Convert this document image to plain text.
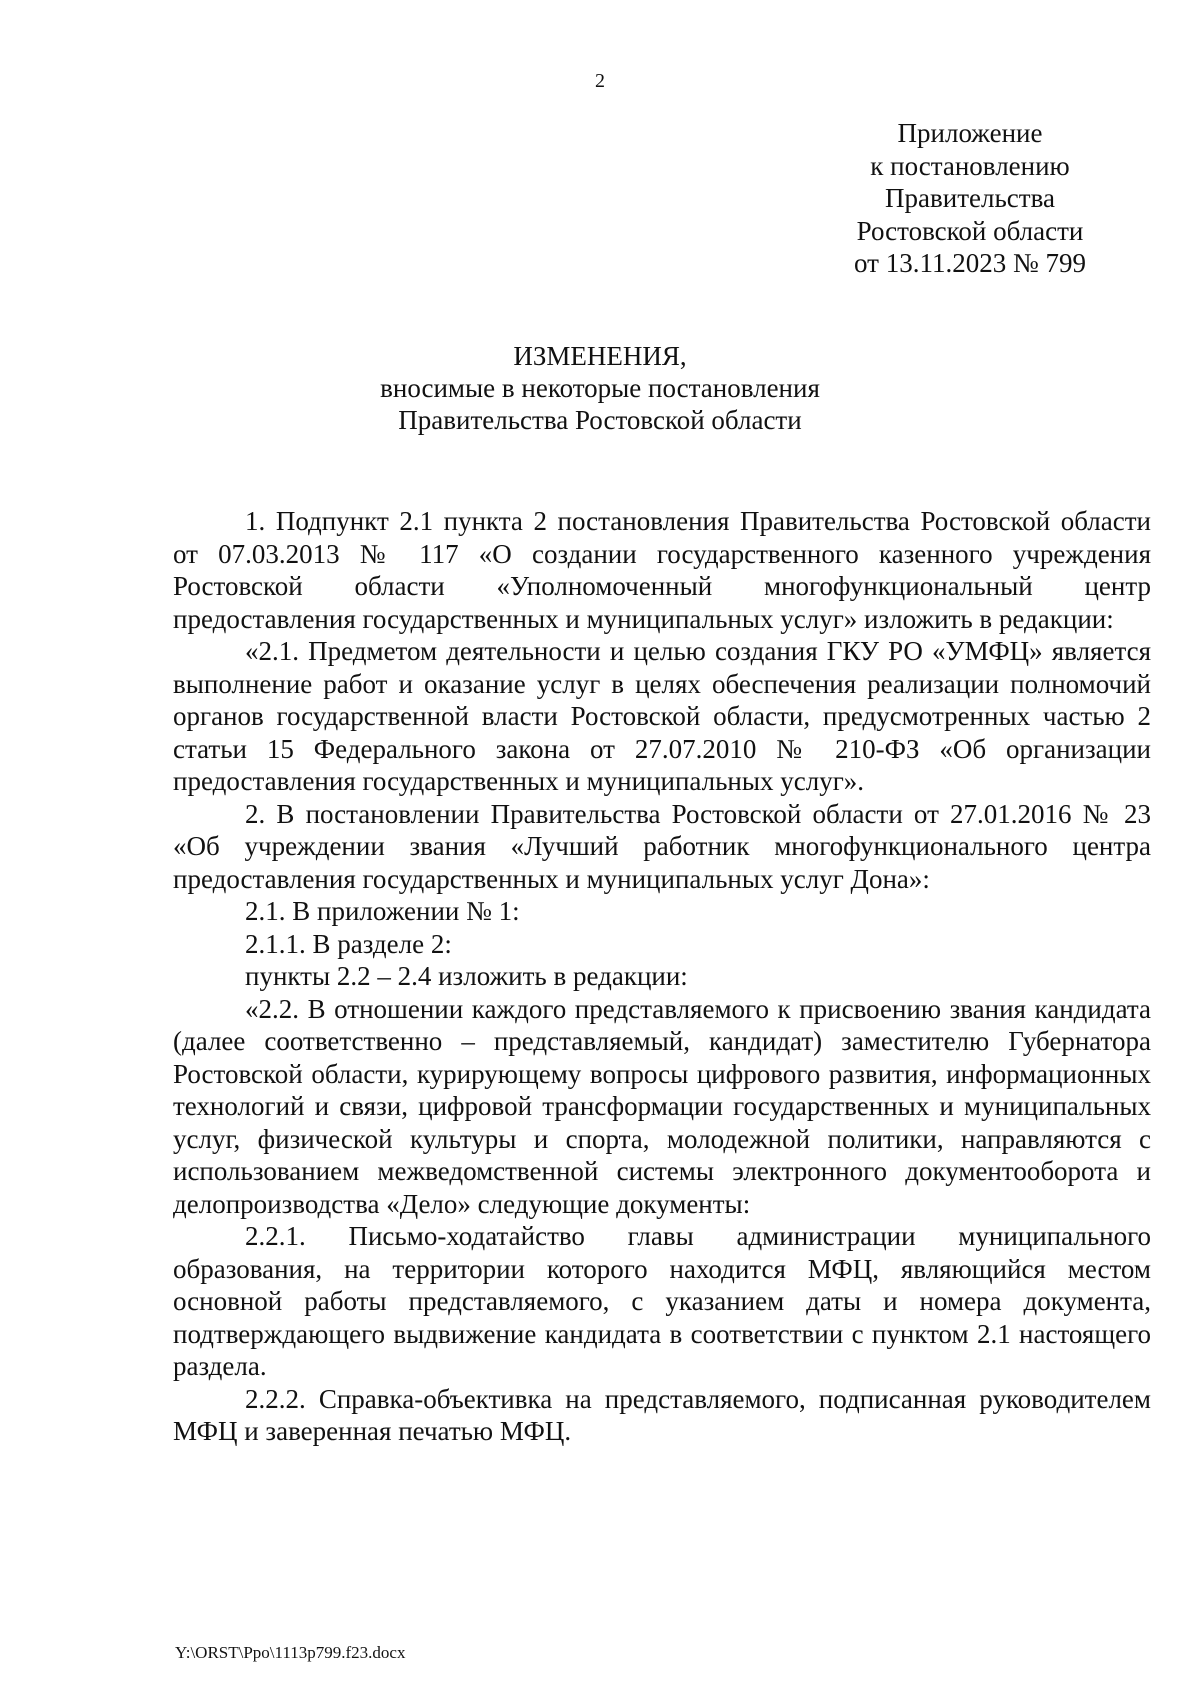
2
Приложение
к постановлению
Правительства
Ростовской области
от 13.11.2023 № 799
ИЗМЕНЕНИЯ,
вносимые в некоторые постановления
Правительства Ростовской области

1. Подпункт 2.1 пункта 2 постановления Правительства Ростовской области от 07.03.2013 № 117 «О создании государственного казенного учреждения Ростовской области «Уполномоченный многофункциональный центр предоставления государственных и муниципальных услуг» изложить в редакции:

«2.1. Предметом деятельности и целью создания ГКУ РО «УМФЦ» является выполнение работ и оказание услуг в целях обеспечения реализации полномочий органов государственной власти Ростовской области, предусмотренных частью 2 статьи 15 Федерального закона от 27.07.2010 № 210-ФЗ «Об организации предоставления государственных и муниципальных услуг».

2. В постановлении Правительства Ростовской области от 27.01.2016 № 23 «Об учреждении звания «Лучший работник многофункционального центра предоставления государственных и муниципальных услуг Дона»:

2.1. В приложении № 1:

2.1.1. В разделе 2:

пункты 2.2 – 2.4 изложить в редакции:

«2.2. В отношении каждого представляемого к присвоению звания кандидата (далее соответственно – представляемый, кандидат) заместителю Губернатора Ростовской области, курирующему вопросы цифрового развития, информационных технологий и связи, цифровой трансформации государственных и муниципальных услуг, физической культуры и спорта, молодежной политики, направляются с использованием межведомственной системы электронного документооборота и делопроизводства «Дело» следующие документы:

2.2.1. Письмо-ходатайство главы администрации муниципального образования, на территории которого находится МФЦ, являющийся местом основной работы представляемого, с указанием даты и номера документа, подтверждающего выдвижение кандидата в соответствии с пунктом 2.1 настоящего раздела.

2.2.2. Справка-объективка на представляемого, подписанная руководителем МФЦ и заверенная печатью МФЦ.

Y:\ORST\Ppo\1113p799.f23.docx
